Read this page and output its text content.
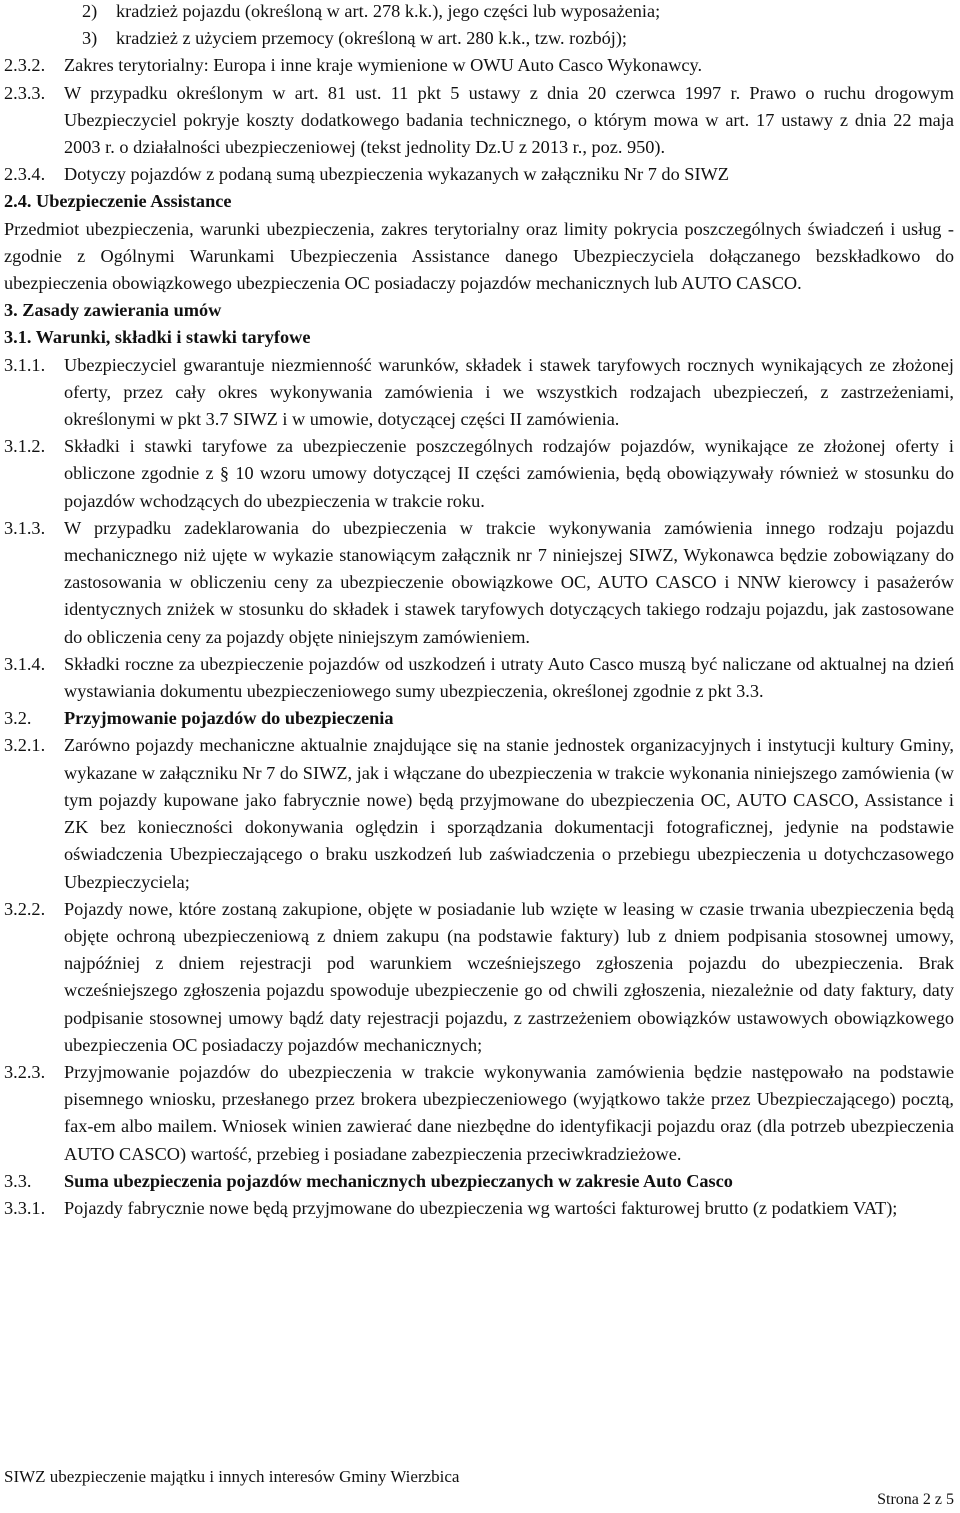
2)	kradzież pojazdu (określoną w art. 278 k.k.), jego części lub wyposażenia;
3)	kradzież z użyciem przemocy (określoną w art. 280 k.k., tzw. rozbój);
2.3.2.	Zakres terytorialny: Europa i inne kraje wymienione w OWU Auto Casco Wykonawcy.
2.3.3.	W przypadku określonym w art. 81 ust. 11 pkt 5 ustawy z dnia 20 czerwca 1997 r. Prawo o ruchu drogowym Ubezpieczyciel pokryje koszty dodatkowego badania technicznego, o którym mowa w art. 17 ustawy z dnia 22 maja 2003 r. o działalności ubezpieczeniowej (tekst jednolity Dz.U z 2013 r., poz. 950).
2.3.4.	Dotyczy pojazdów z podaną sumą ubezpieczenia wykazanych w załączniku Nr 7 do SIWZ
2.4. Ubezpieczenie Assistance
Przedmiot ubezpieczenia, warunki ubezpieczenia, zakres terytorialny oraz limity pokrycia poszczególnych świadczeń i usług - zgodnie z Ogólnymi Warunkami Ubezpieczenia Assistance danego Ubezpieczyciela dołączanego bezskładkowo do ubezpieczenia obowiązkowego ubezpieczenia OC posiadaczy pojazdów mechanicznych lub AUTO CASCO.
3. Zasady zawierania umów
3.1. Warunki, składki i stawki taryfowe
3.1.1.	Ubezpieczyciel gwarantuje niezmienność warunków, składek i stawek taryfowych rocznych wynikających ze złożonej oferty, przez cały okres wykonywania zamówienia i we wszystkich rodzajach ubezpieczeń, z zastrzeżeniami, określonymi w pkt 3.7 SIWZ i w umowie, dotyczącej części II zamówienia.
3.1.2.	Składki i stawki taryfowe za ubezpieczenie poszczególnych rodzajów pojazdów, wynikające ze złożonej oferty i obliczone zgodnie z § 10 wzoru umowy dotyczącej II części zamówienia, będą obowiązywały również w stosunku do pojazdów wchodzących do ubezpieczenia w trakcie roku.
3.1.3.	W przypadku zadeklarowania do ubezpieczenia w trakcie wykonywania zamówienia innego rodzaju pojazdu mechanicznego niż ujęte w wykazie stanowiącym załącznik nr 7 niniejszej SIWZ, Wykonawca będzie zobowiązany do zastosowania w obliczeniu ceny za ubezpieczenie obowiązkowe OC, AUTO CASCO i NNW kierowcy i pasażerów identycznych zniżek w stosunku do składek i stawek taryfowych dotyczących takiego rodzaju pojazdu, jak zastosowane do obliczenia ceny za pojazdy objęte niniejszym zamówieniem.
3.1.4.	Składki roczne za ubezpieczenie pojazdów od uszkodzeń i utraty Auto Casco muszą być naliczane od aktualnej na dzień wystawiania dokumentu ubezpieczeniowego sumy ubezpieczenia, określonej zgodnie z pkt 3.3.
3.2.	Przyjmowanie pojazdów do ubezpieczenia
3.2.1.	Zarówno pojazdy mechaniczne aktualnie znajdujące się na stanie jednostek organizacyjnych i instytucji kultury Gminy, wykazane w załączniku Nr 7 do SIWZ, jak i włączane do ubezpieczenia w trakcie wykonania niniejszego zamówienia (w tym pojazdy kupowane jako fabrycznie nowe) będą przyjmowane do ubezpieczenia OC, AUTO CASCO, Assistance i ZK bez konieczności dokonywania oględzin i sporządzania dokumentacji fotograficznej, jedynie na podstawie oświadczenia Ubezpieczającego o braku uszkodzeń lub zaświadczenia o przebiegu ubezpieczenia u dotychczasowego Ubezpieczyciela;
3.2.2.	Pojazdy nowe, które zostaną zakupione, objęte w posiadanie lub wzięte w leasing w czasie trwania ubezpieczenia będą objęte ochroną ubezpieczeniową z dniem zakupu (na podstawie faktury) lub z dniem podpisania stosownej umowy, najpóźniej z dniem rejestracji pod warunkiem wcześniejszego zgłoszenia pojazdu do ubezpieczenia. Brak wcześniejszego zgłoszenia pojazdu spowoduje ubezpieczenie go od chwili zgłoszenia, niezależnie od daty faktury, daty podpisanie stosownej umowy bądź daty rejestracji pojazdu, z zastrzeżeniem obowiązków ustawowych obowiązkowego ubezpieczenia OC posiadaczy pojazdów mechanicznych;
3.2.3.	Przyjmowanie pojazdów do ubezpieczenia w trakcie wykonywania zamówienia będzie następowało na podstawie pisemnego wniosku, przesłanego przez brokera ubezpieczeniowego (wyjątkowo także przez Ubezpieczającego) pocztą, fax-em albo mailem. Wniosek winien zawierać dane niezbędne do identyfikacji pojazdu oraz (dla potrzeb ubezpieczenia AUTO CASCO) wartość, przebieg i posiadane zabezpieczenia przeciwkradzieżowe.
3.3.	Suma ubezpieczenia pojazdów mechanicznych ubezpieczanych w zakresie Auto Casco
3.3.1.	Pojazdy fabrycznie nowe będą przyjmowane do ubezpieczenia wg wartości fakturowej brutto (z podatkiem VAT);
SIWZ ubezpieczenie majątku i innych interesów Gminy Wierzbica
Strona 2 z 5
